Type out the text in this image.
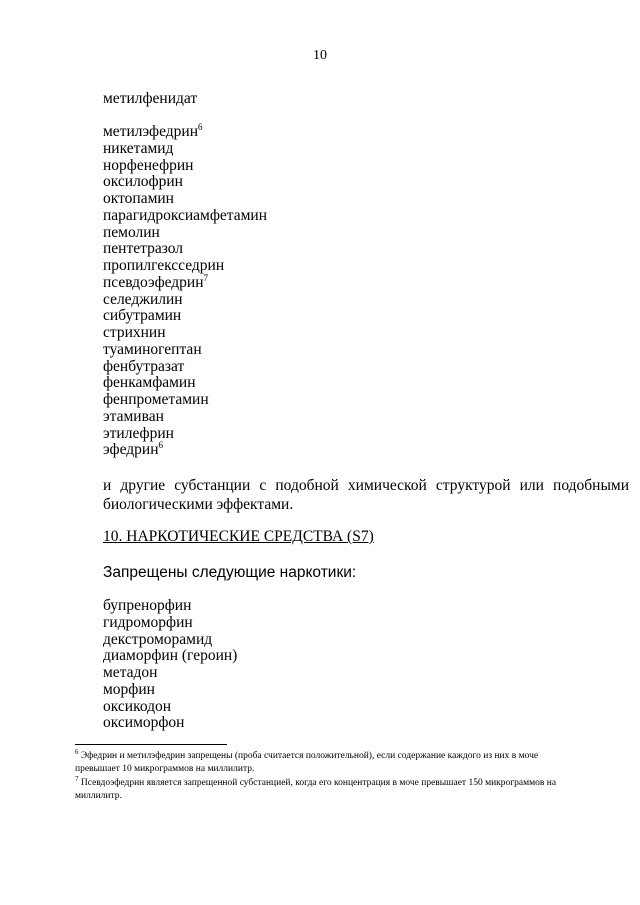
10
метилфенидат
метилэфедрин$^6$
никетамид
норфенефрин
оксилофрин
октопамин
парагидроксиамфетамин
пемолин
пентетразол
пропилгексседрин
псевдоэфедрин$^7$
селеджилин
сибутрамин
стрихнин
туаминогептан
фенбутразат
фенкамфамин
фенпрометамин
этамиван
этилефрин
эфедрин$^6$
и другие субстанции с подобной химической структурой или подобными
биологическими эффектами.
10. НАРКОТИЧЕСКИЕ СРЕДСТВА (S7)
Запрещены следующие наркотики:
бупренорфин
гидроморфин
декстроморамид
диаморфин (героин)
метадон
морфин
оксикодон
оксиморфон
$^6$ Эфедрин и метилэфедрин запрещены (проба считается положительной), если содержание каждого из них в моче
превышает 10 микрограммов на миллилитр.
$^7$ Псевдоэфедрин является запрещенной субстанцией, когда его концентрация в моче превышает 150 микрограммов на
миллилитр.
